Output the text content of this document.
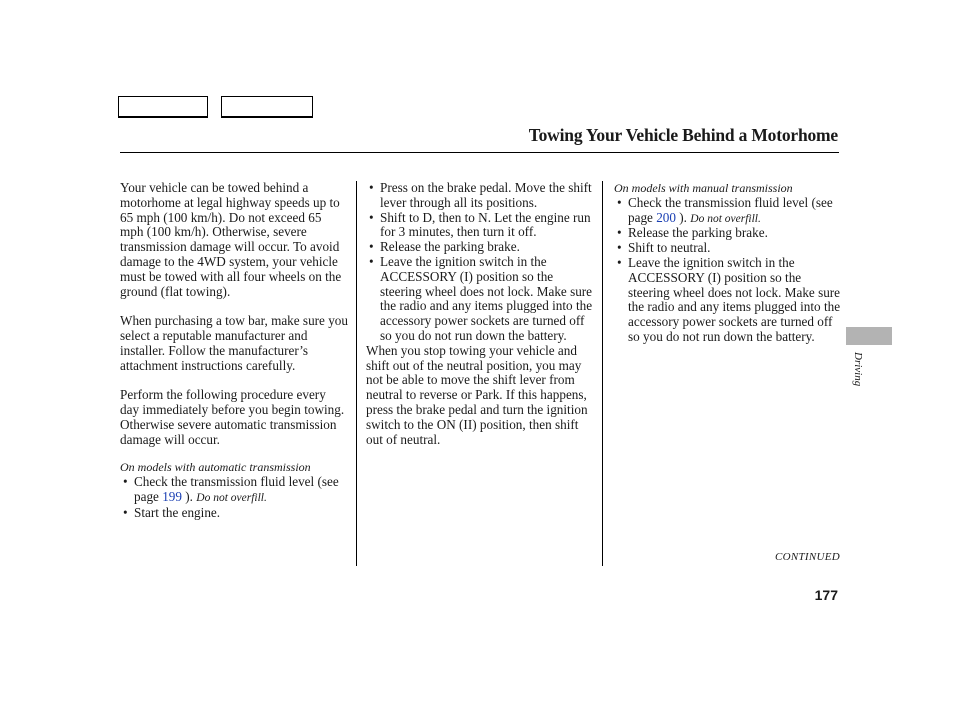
Towing Your Vehicle Behind a Motorhome

Your vehicle can be towed behind a motorhome at legal highway speeds up to 65 mph (100 km/h). Do not exceed 65 mph (100 km/h). Otherwise, severe transmission damage will occur. To avoid damage to the 4WD system, your vehicle must be towed with all four wheels on the ground (flat towing).

When purchasing a tow bar, make sure you select a reputable manufacturer and installer. Follow the manufacturer’s attachment instructions carefully.

Perform the following procedure every day immediately before you begin towing. Otherwise severe automatic transmission damage will occur.

On models with automatic transmission
• Check the transmission fluid level (see page 199 ). Do not overfill.
• Start the engine.
• Press on the brake pedal. Move the shift lever through all its positions.
• Shift to D, then to N. Let the engine run for 3 minutes, then turn it off.
• Release the parking brake.
• Leave the ignition switch in the ACCESSORY (I) position so the steering wheel does not lock. Make sure the radio and any items plugged into the accessory power sockets are turned off so you do not run down the battery.

When you stop towing your vehicle and shift out of the neutral position, you may not be able to move the shift lever from neutral to reverse or Park. If this happens, press the brake pedal and turn the ignition switch to the ON (II) position, then shift out of neutral.

On models with manual transmission
• Check the transmission fluid level (see page 200 ). Do not overfill.
• Release the parking brake.
• Shift to neutral.
• Leave the ignition switch in the ACCESSORY (I) position so the steering wheel does not lock. Make sure the radio and any items plugged into the accessory power sockets are turned off so you do not run down the battery.
Driving
CONTINUED
177
